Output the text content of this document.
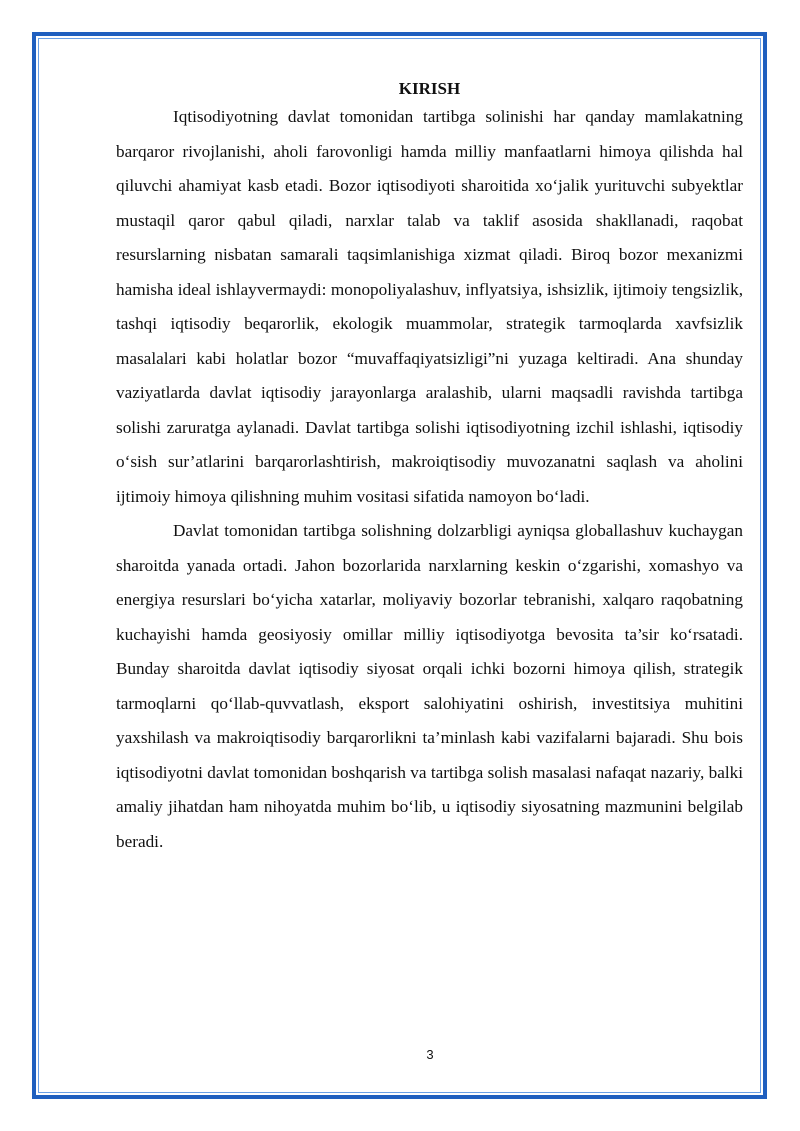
KIRISH

Iqtisodiyotning davlat tomonidan tartibga solinishi har qanday mamlakatning barqaror rivojlanishi, aholi farovonligi hamda milliy manfaatlarni himoya qilishda hal qiluvchi ahamiyat kasb etadi. Bozor iqtisodiyoti sharoitida xo‘jalik yurituvchi subyektlar mustaqil qaror qabul qiladi, narxlar talab va taklif asosida shakllanadi, raqobat resurslarning nisbatan samarali taqsimlanishiga xizmat qiladi. Biroq bozor mexanizmi hamisha ideal ishlayvermaydi: monopoliyalashuv, inflyatsiya, ishsizlik, ijtimoiy tengsizlik, tashqi iqtisodiy beqarorlik, ekologik muammolar, strategik tarmoqlarda xavfsizlik masalalari kabi holatlar bozor “muvaffaqiyatsizligi”ni yuzaga keltiradi. Ana shunday vaziyatlarda davlat iqtisodiy jarayonlarga aralashib, ularni maqsadli ravishda tartibga solishi zaruratga aylanadi. Davlat tartibga solishi iqtisodiyotning izchil ishlashi, iqtisodiy o‘sish sur’atlarini barqarorlashtirish, makroiqtisodiy muvozanatni saqlash va aholini ijtimoiy himoya qilishning muhim vositasi sifatida namoyon bo‘ladi.

Davlat tomonidan tartibga solishning dolzarbligi ayniqsa globallashuv kuchaygan sharoitda yanada ortadi. Jahon bozorlarida narxlarning keskin o‘zgarishi, xomashyo va energiya resurslari bo‘yicha xatarlar, moliyaviy bozorlar tebranishi, xalqaro raqobatning kuchayishi hamda geosiyosiy omillar milliy iqtisodiyotga bevosita ta’sir ko‘rsatadi. Bunday sharoitda davlat iqtisodiy siyosat orqali ichki bozorni himoya qilish, strategik tarmoqlarni qo‘llab-quvvatlash, eksport salohiyatini oshirish, investitsiya muhitini yaxshilash va makroiqtisodiy barqarorlikni ta’minlash kabi vazifalarni bajaradi. Shu bois iqtisodiyotni davlat tomonidan boshqarish va tartibga solish masalasi nafaqat nazariy, balki amaliy jihatdan ham nihoyatda muhim bo‘lib, u iqtisodiy siyosatning mazmunini belgilab beradi.

3
